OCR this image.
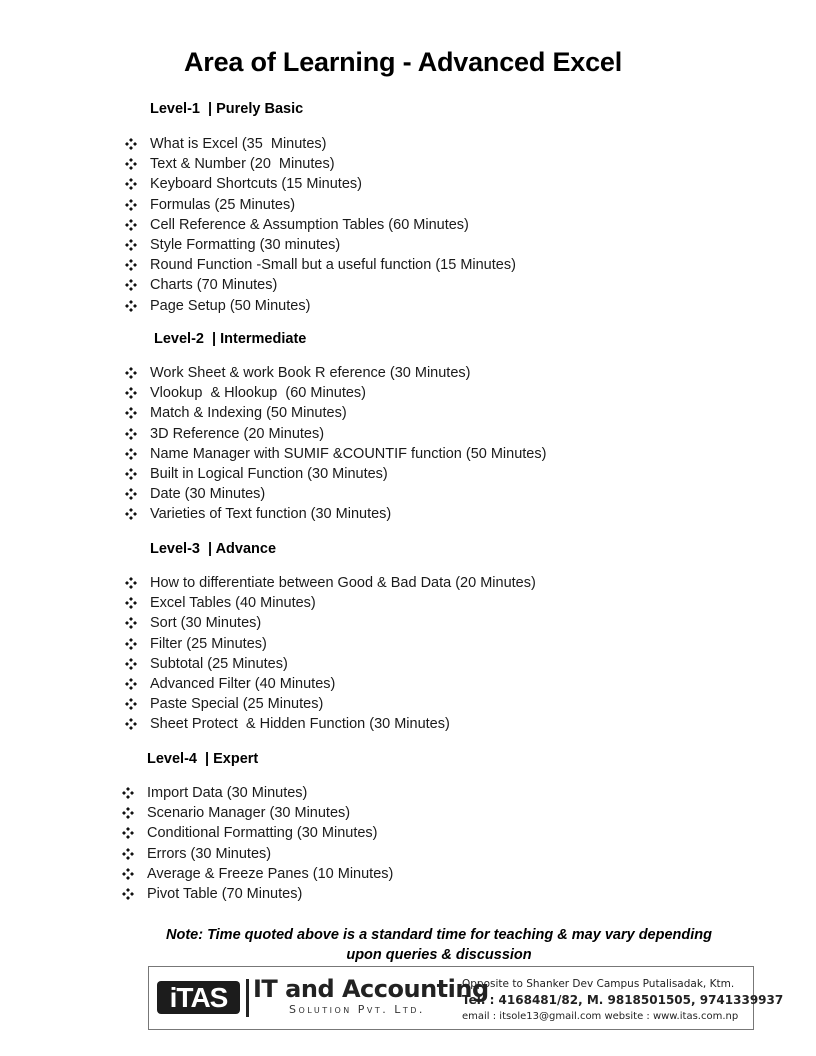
Area of Learning - Advanced Excel
Level-1  | Purely Basic
What is Excel (35  Minutes)
Text & Number (20  Minutes)
Keyboard Shortcuts (15 Minutes)
Formulas (25 Minutes)
Cell Reference & Assumption Tables (60 Minutes)
Style Formatting (30 minutes)
Round Function -Small but a useful function (15 Minutes)
Charts (70 Minutes)
Page Setup (50 Minutes)
Level-2  | Intermediate
Work Sheet & work Book R eference (30 Minutes)
Vlookup  & Hlookup  (60 Minutes)
Match & Indexing (50 Minutes)
3D Reference (20 Minutes)
Name Manager with SUMIF &COUNTIF function (50 Minutes)
Built in Logical Function (30 Minutes)
Date (30 Minutes)
Varieties of Text function (30 Minutes)
Level-3  | Advance
How to differentiate between Good & Bad Data (20 Minutes)
Excel Tables (40 Minutes)
Sort (30 Minutes)
Filter (25 Minutes)
Subtotal (25 Minutes)
Advanced Filter (40 Minutes)
Paste Special (25 Minutes)
Sheet Protect  & Hidden Function (30 Minutes)
Level-4  | Expert
Import Data (30 Minutes)
Scenario Manager (30 Minutes)
Conditional Formatting (30 Minutes)
Errors (30 Minutes)
Average & Freeze Panes (10 Minutes)
Pivot Table (70 Minutes)
Note: Time quoted above is a standard time for teaching & may vary depending
upon queries & discussion
iTAS	IT and Accounting
Solution Pvt. Ltd.
Opposite to Shanker Dev Campus Putalisadak, Ktm.
Tel. : 4168481/82, M. 9818501505, 9741339937
email : itsole13@gmail.com website : www.itas.com.np
